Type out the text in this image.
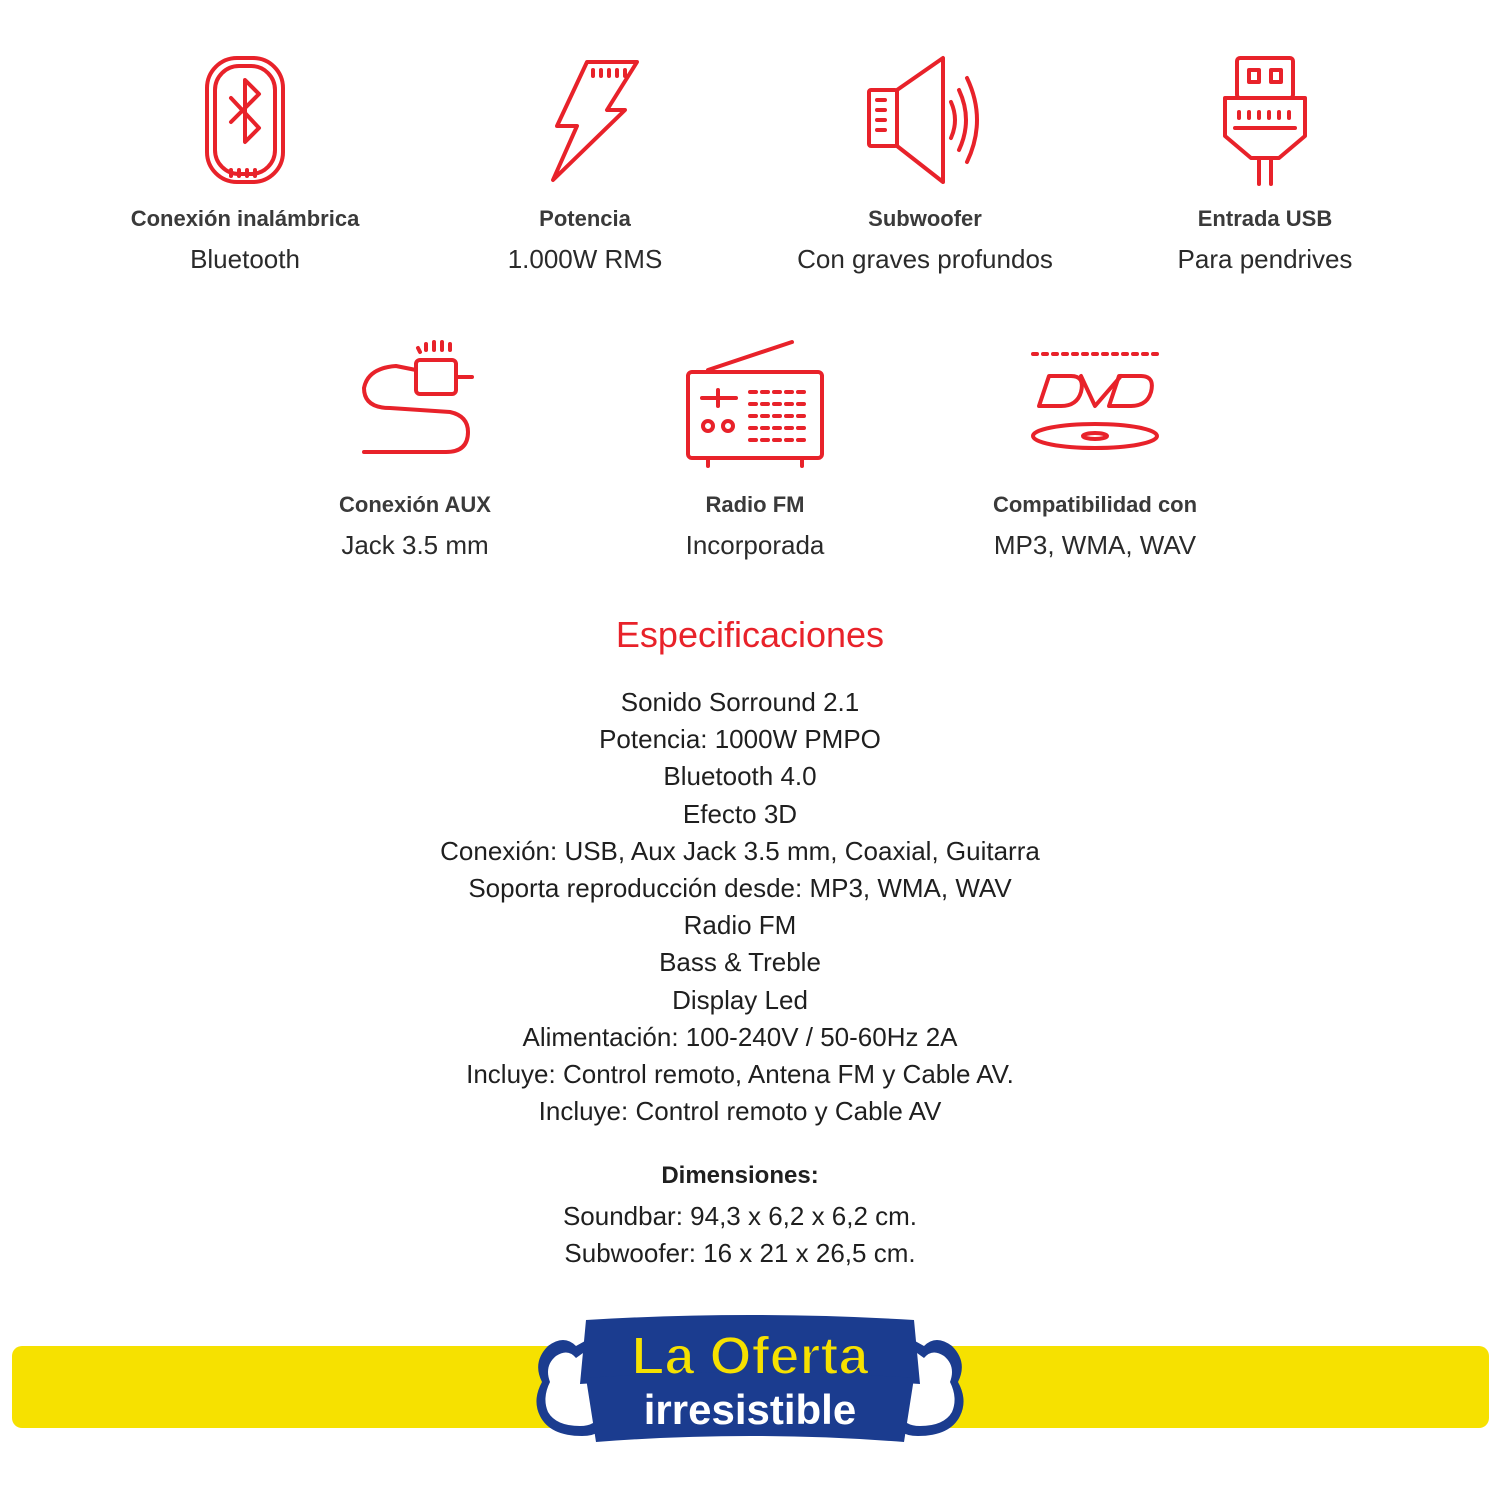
Conexión inalámbrica
Bluetooth
Potencia
1.000W RMS
Subwoofer
Con graves profundos
Entrada USB
Para pendrives
Conexión AUX
Jack 3.5 mm
Radio FM
Incorporada
Compatibilidad con
MP3, WMA, WAV
Especificaciones
Sonido Sorround 2.1
Potencia: 1000W PMPO
Bluetooth 4.0
Efecto 3D
Conexión: USB, Aux Jack 3.5 mm, Coaxial, Guitarra
Soporta reproducción desde: MP3, WMA, WAV
Radio FM
Bass & Treble
Display Led
Alimentación: 100-240V / 50-60Hz 2A
Incluye: Control remoto, Antena FM y Cable AV.
Incluye: Control remoto y Cable AV
Dimensiones:
Soundbar: 94,3 x 6,2 x 6,2 cm.
Subwoofer: 16 x 21 x 26,5 cm.
La Oferta
irresistible
